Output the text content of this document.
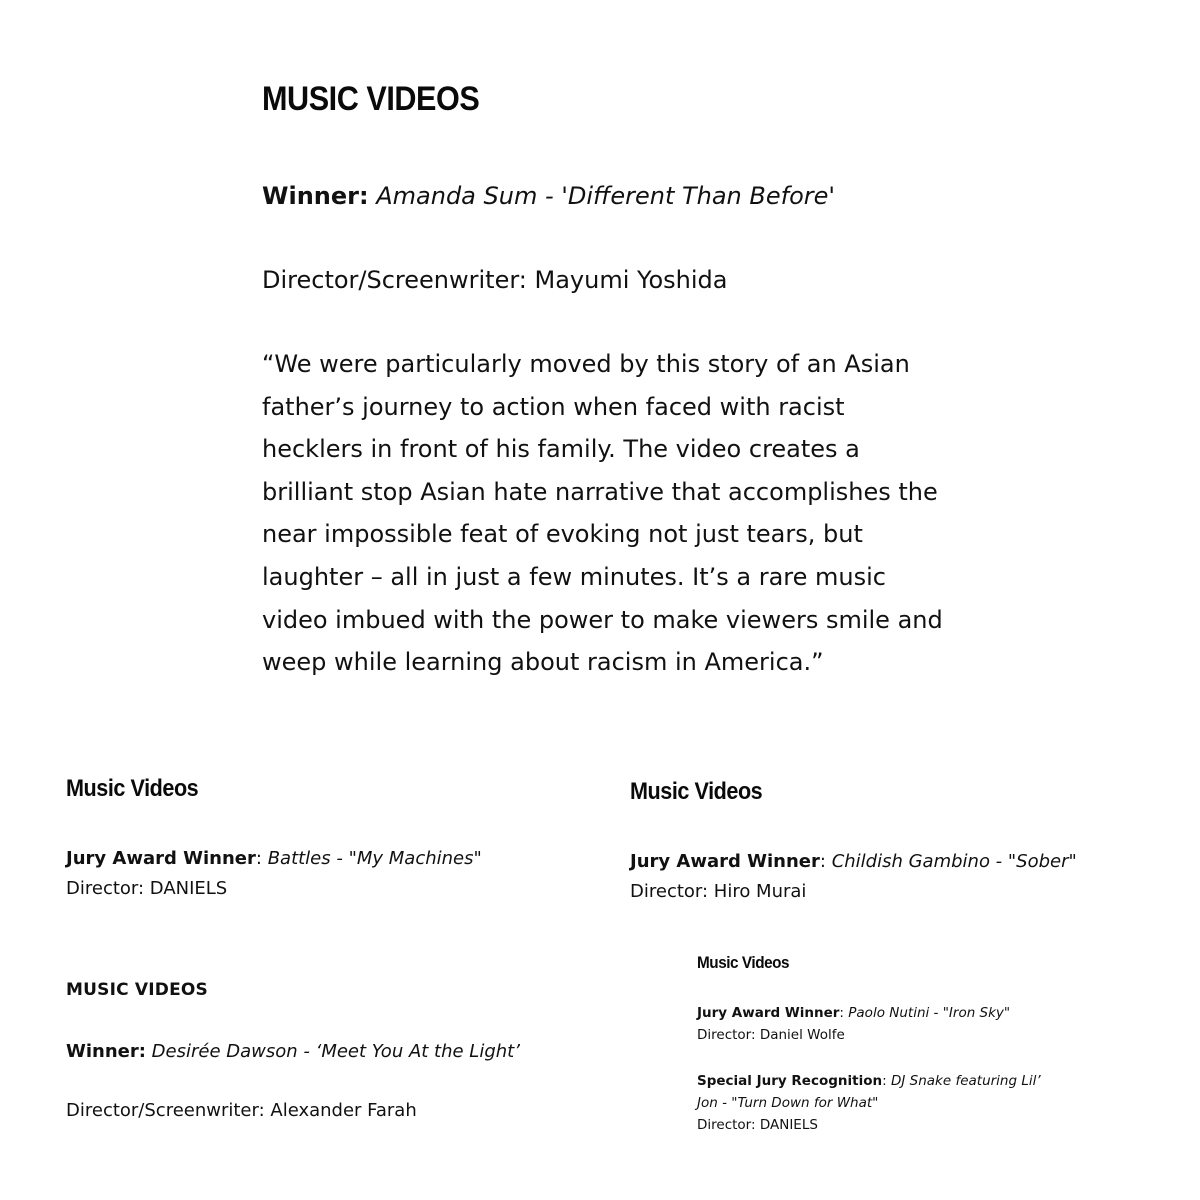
MUSIC VIDEOS
Winner: Amanda Sum - 'Different Than Before'
Director/Screenwriter: Mayumi Yoshida
“We were particularly moved by this story of an Asian father’s journey to action when faced with racist hecklers in front of his family. The video creates a brilliant stop Asian hate narrative that accomplishes the near impossible feat of evoking not just tears, but laughter – all in just a few minutes. It’s a rare music video imbued with the power to make viewers smile and weep while learning about racism in America.”
Music Videos
Jury Award Winner: Battles - "My Machines"
Director: DANIELS
Music Videos
Jury Award Winner: Childish Gambino - "Sober"
Director: Hiro Murai
MUSIC VIDEOS
Winner: Desirée Dawson - ‘Meet You At the Light’
Director/Screenwriter: Alexander Farah
Music Videos
Jury Award Winner: Paolo Nutini - "Iron Sky"
Director: Daniel Wolfe
Special Jury Recognition: DJ Snake featuring Lil’
Jon - "Turn Down for What"
Director: DANIELS
